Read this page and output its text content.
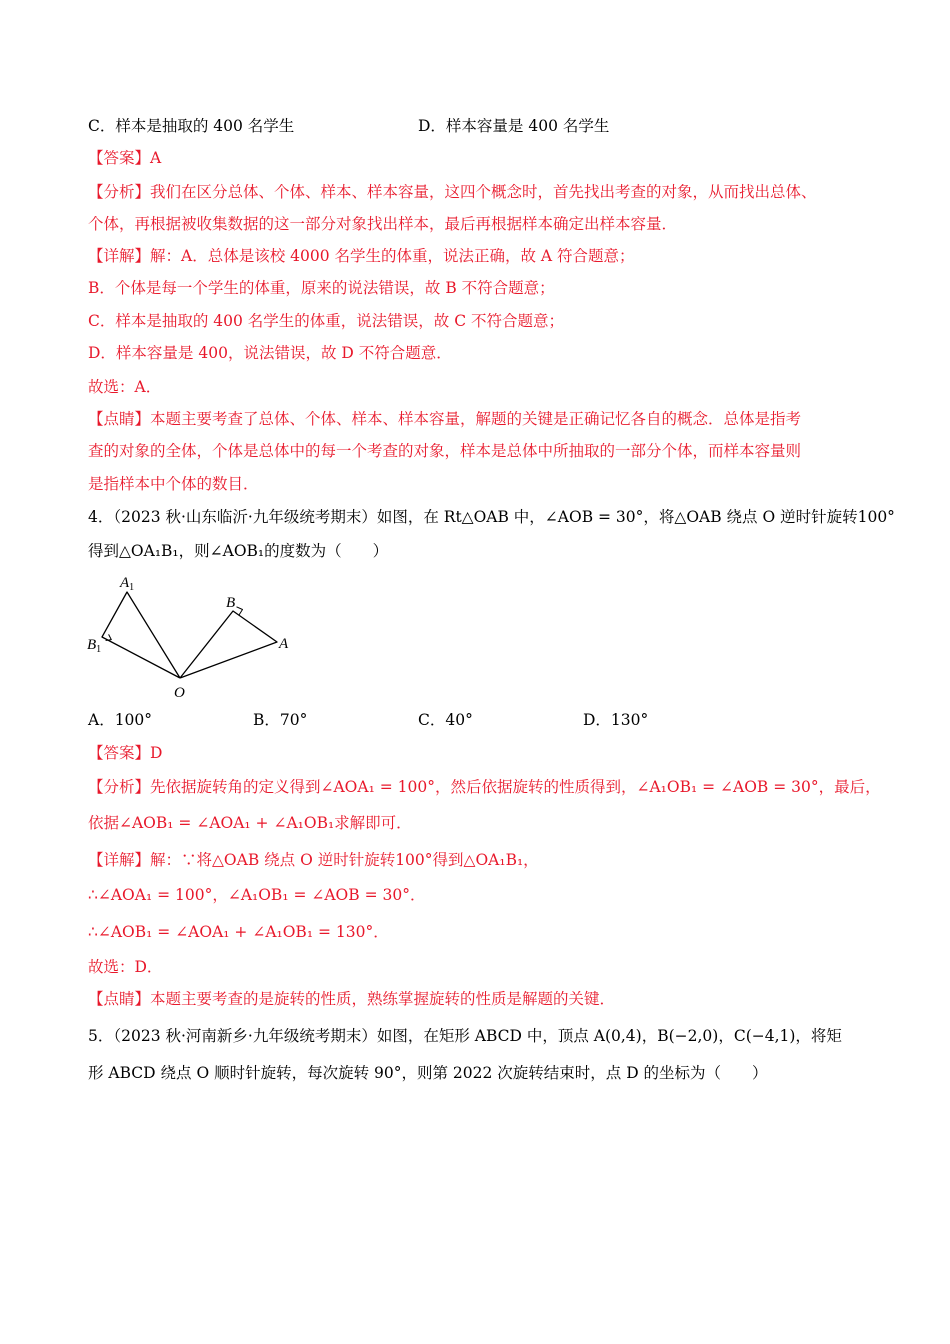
C．样本是抽取的 400 名学生	D．样本容量是 400 名学生
【答案】A
【分析】我们在区分总体、个体、样本、样本容量，这四个概念时，首先找出考查的对象，从而找出总体、
个体，再根据被收集数据的这一部分对象找出样本，最后再根据样本确定出样本容量．
【详解】解：A．总体是该校 4000 名学生的体重，说法正确，故 A 符合题意；
B．个体是每一个学生的体重，原来的说法错误，故 B 不符合题意；
C．样本是抽取的 400 名学生的体重，说法错误，故 C 不符合题意；
D．样本容量是 400，说法错误，故 D 不符合题意．
故选：A．
【点睛】本题主要考查了总体、个体、样本、样本容量，解题的关键是正确记忆各自的概念．总体是指考
查的对象的全体，个体是总体中的每一个考查的对象，样本是总体中所抽取的一部分个体，而样本容量则
是指样本中个体的数目．
4．（2023 秋·山东临沂·九年级统考期末）如图，在 Rt△OAB 中，∠AOB = 30°，将△OAB 绕点 O 逆时针旋转100°
得到△OA₁B₁，则∠AOB₁的度数为（　　）
$A_1$
$B_1$
B
A
O
A．100°	B．70°	C．40°	D．130°
【答案】D
【分析】先依据旋转角的定义得到∠AOA₁ = 100°，然后依据旋转的性质得到，∠A₁OB₁ = ∠AOB = 30°，最后，
依据∠AOB₁ = ∠AOA₁ + ∠A₁OB₁求解即可．
【详解】解：∵将△OAB 绕点 O 逆时针旋转100°得到△OA₁B₁，
∴∠AOA₁ = 100°，∠A₁OB₁ = ∠AOB = 30°．
∴∠AOB₁ = ∠AOA₁ + ∠A₁OB₁ = 130°．
故选：D．
【点睛】本题主要考查的是旋转的性质，熟练掌握旋转的性质是解题的关键．
5．（2023 秋·河南新乡·九年级统考期末）如图，在矩形 ABCD 中，顶点 A(0,4)，B(−2,0)，C(−4,1)，将矩
形 ABCD 绕点 O 顺时针旋转，每次旋转 90°，则第 2022 次旋转结束时，点 D 的坐标为（　　）
